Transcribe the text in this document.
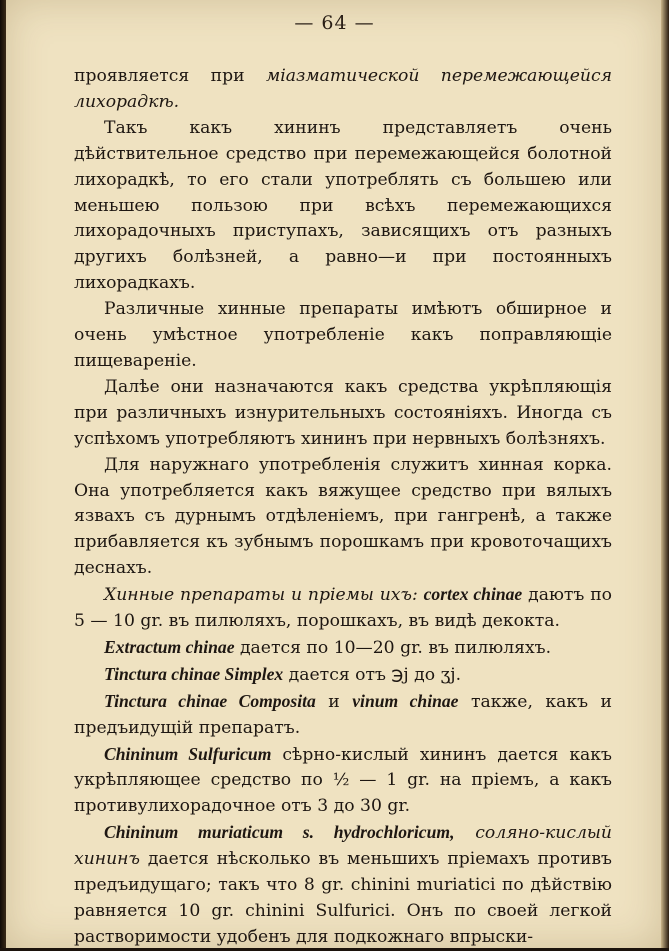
— 64 —

проявляется при міазматической перемежающейся лихорадкѣ.

Такъ какъ хининъ представляетъ очень дѣйствительное средство при перемежающейся болотной лихорадкѣ, то его стали употреблять съ большею или меньшею пользою при всѣхъ перемежающихся лихорадочныхъ приступахъ, зависящихъ отъ разныхъ другихъ болѣзней, а равно—и при постоянныхъ лихорадкахъ.

Различные хинные препараты имѣютъ обширное и очень умѣстное употребленіе какъ поправляющіе пищевареніе.

Далѣе они назначаются какъ средства укрѣпляющія при различныхъ изнурительныхъ состояніяхъ. Иногда съ успѣхомъ употребляютъ хининъ при нервныхъ болѣзняхъ.

Для наружнаго употребленія служитъ хинная корка. Она употребляется какъ вяжущее средство при вялыхъ язвахъ съ дурнымъ отдѣленіемъ, при гангренѣ, а также прибавляется къ зубнымъ порошкамъ при кровоточащихъ деснахъ.

Хинные препараты и пріемы ихъ: cortex chinae даютъ по 5 — 10 gr. въ пилюляхъ, порошкахъ, въ видѣ декокта.

Extractum chinae дается по 10—20 gr. въ пилюляхъ.

Tinctura chinae Simplex дается отъ ℈j до ʒj.

Tinctura chinae Composita и vinum chinae также, какъ и предъидущій препаратъ.

Chininum Sulfuricum сѣрно-кислый хининъ дается какъ укрѣпляющее средство по ½ — 1 gr. на пріемъ, а какъ противулихорадочное отъ 3 до 30 gr.

Chininum muriaticum s. hydrochloricum, соляно-кислый хининъ дается нѣсколько въ меньшихъ пріемахъ противъ предъидущаго; такъ что 8 gr. chinini muriatici по дѣйствію равняется 10 gr. chinini Sulfurici. Онъ по своей легкой растворимости удобенъ для подкожнаго впрыски-
